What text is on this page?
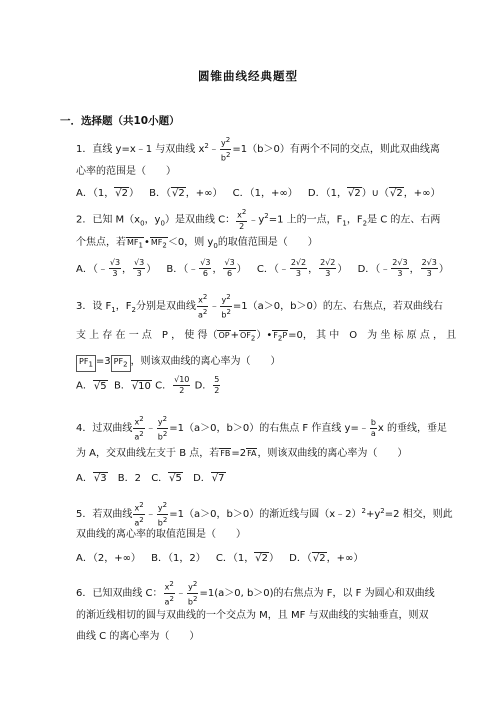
圆锥曲线经典题型
一．选择题（共10小题）
1．直线 y=x﹣1 与双曲线 $x^2﹣ \frac{y2}{b2} =1(b>0)$有两个不同的交点，则此双曲线离
心率的范围是（　　）
A．（1，√2） B．（√2，+∞） C．（1，+∞） D．（1，√2）∪（√2，+∞）
2．已知 $M(x_0$，$y_0$）是双曲线 C： $\frac{x2}{2}$ $﹣y^2=1$ 上的一点，$F_1$，$F_2$是 C 的左、右两
个焦点，若MF1•MF2＜0，则 $y_0$的取值范围是（　　）
A．（﹣ $\frac{√3}{3}$ ， $\frac{√3}{3}$ ） B．（﹣ $\frac{√3}{6}$ ， $\frac{√3}{6}$ ） C．（﹣ $\frac{2√2}{3}$ ， $\frac{2√2}{3}$ ） D．（﹣ $\frac{2√3}{3}$ ， $\frac{2√3}{3}$ ）
3．设 $F_1$，$F_2$分别是双曲线 $\frac{x2}{a2}$ ﹣ $\frac{y2}{b2} =1(a>0$，b＞0）的左、右焦点，若双曲线右
支 上 存 在 一 点　P ， 使 得（OP+OF2）•F2P=0， 其 中　O　为 坐 标 原 点 ， 且
PF1 =3 PF2 ，则该双曲线的离心率为（　　）
A．√5 B．√10 C． $\frac{√10}{2}$ D． $\frac{5}{2}$
4．过双曲线 $\frac{x2}{a2}$ ﹣ $\frac{y2}{b2} =1(a>0$，b＞0）的右焦点 F 作直线 y=﹣ $\frac{b}{a}$ x 的垂线，垂足
为 A，交双曲线左支于 B 点，若FB=2FA，则该双曲线的离心率为（　　）
A．√3 B．2 C．√5 D．√7
5．若双曲线 $\frac{x2}{a2}$ ﹣ $\frac{y2}{b2} =1(a>0$，b＞0）的渐近线与圆$(x﹣2)^2+y^2=2$ 相交，则此
双曲线的离心率的取值范围是（　　）
A．（2，+∞） B．（1，2） C．（1，√2） D．（√2，+∞）
6．已知双曲线 C： $\frac{x2}{a2}$ ﹣ $\frac{y2}{b2} =1(a>0$, b＞0)的右焦点为 F，以 F 为圆心和双曲线
的渐近线相切的圆与双曲线的一个交点为 M，且 MF 与双曲线的实轴垂直，则双
曲线 C 的离心率为（　　）
